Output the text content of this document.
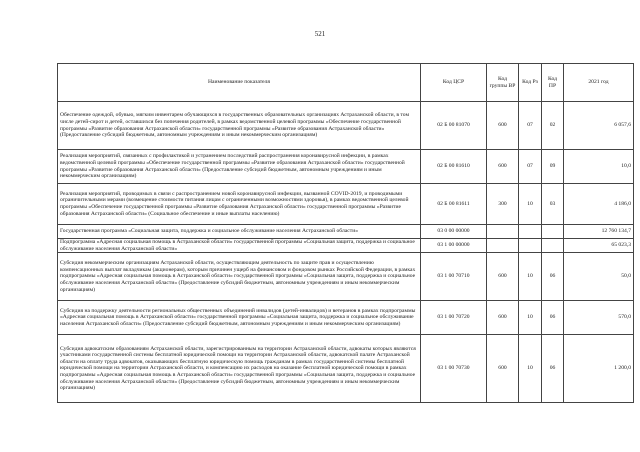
521
Наименование показателя	Код ЦСР	Код группы ВР	Код Рз	Код ПР	2021 год
Обеспечение одеждой, обувью, мягким инвентарем обучающихся в государственных образовательных организациях Астраханской области, в том числе детей-сирот и детей, оставшихся без попечения родителей, в рамках ведомственной целевой программы «Обеспечение государственной программы «Развитие образования Астраханской области» государственной программы «Развитие образования Астраханской области» (Предоставление субсидий бюджетным, автономным учреждениям и иным некоммерческим организациям)	02 Б 00 81070	600	07	02	6 057,6
Реализация мероприятий, связанных с профилактикой и устранением последствий распространения коронавирусной инфекции, в рамках ведомственной целевой программы «Обеспечение государственной программы «Развитие образования Астраханской области» государственной программы «Развитие образования Астраханской области» (Предоставление субсидий бюджетным, автономным учреждениям и иным некоммерческим организациям)	02 Б 00 81610	600	07	09	10,0
Реализация мероприятий, проводимых в связи с распространением новой коронавирусной инфекции, вызванной COVID-2019, и проводимыми ограничительными мерами (возмещение стоимости питания лицам с ограниченными возможностями здоровья), в рамках ведомственной целевой программы «Обеспечение государственной программы «Развитие образования Астраханской области» государственной программы «Развитие образования Астраханской области» (Социальное обеспечение и иные выплаты населению)	02 Б 00 81611	300	10	03	4 186,0
Государственная программа «Социальная защита, поддержка и социальное обслуживание населения Астраханской области»	03 0 00 00000				12 760 134,7
Подпрограмма «Адресная социальная помощь в Астраханской области» государственной программы «Социальная защита, поддержка и социальное обслуживание населения Астраханской области»	03 1 00 00000				65 023,3
Субсидия некоммерческим организациям Астраханской области, осуществляющим деятельность по защите прав и осуществлению компенсационных выплат вкладчикам (акционерам), которым причинен ущерб на финансовом и фондовом рынках Российской Федерации, в рамках подпрограммы «Адресная социальная помощь в Астраханской области» государственной программы «Социальная защита, поддержка и социальное обслуживание населения Астраханской области» (Предоставление субсидий бюджетным, автономным учреждениям и иным некоммерческим организациям)	03 1 00 70710	600	10	06	50,0
Субсидия на поддержку деятельности региональных общественных объединений инвалидов (детей-инвалидов) и ветеранов в рамках подпрограммы «Адресная социальная помощь в Астраханской области» государственной программы «Социальная защита, поддержка и социальное обслуживание населения Астраханской области» (Предоставление субсидий бюджетным, автономным учреждениям и иным некоммерческим организациям)	03 1 00 70720	600	10	06	570,0
Субсидия адвокатским образованиям Астраханской области, зарегистрированным на территории Астраханской области, адвокаты которых являются участниками государственной системы бесплатной юридической помощи на территории Астраханской области, адвокатской палате Астраханской области на оплату труда адвокатов, оказывающих бесплатную юридическую помощь гражданам в рамках государственной системы бесплатной юридической помощи на территории Астраханской области, и компенсацию их расходов на оказание бесплатной юридической помощи в рамках подпрограммы «Адресная социальная помощь в Астраханской области» государственной программы «Социальная защита, поддержка и социальное обслуживание населения Астраханской области» (Предоставление субсидий бюджетным, автономным учреждениям и иным некоммерческим организациям)	03 1 00 70730	600	10	06	1 200,0
